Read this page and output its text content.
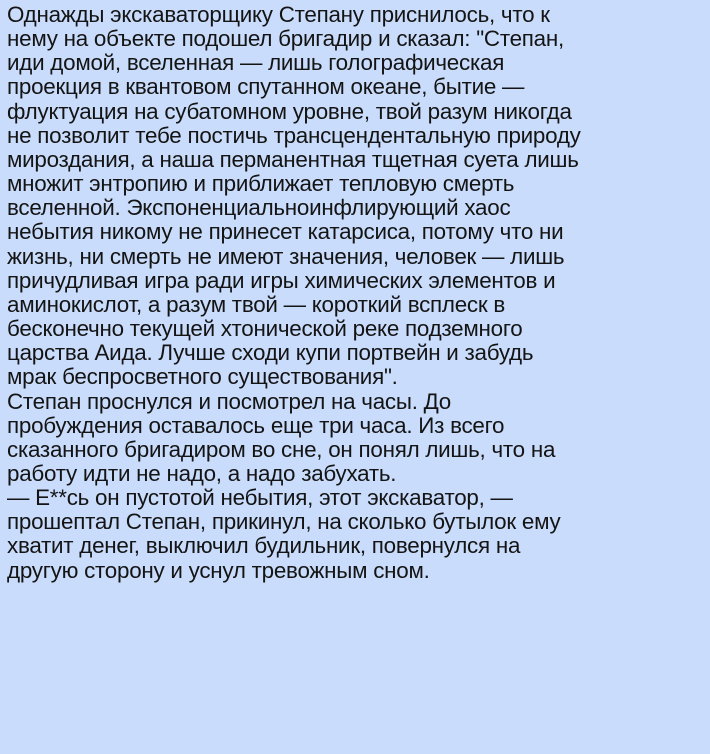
Однажды экскаваторщику Степану приснилось, что к
нему на объекте подошел бригадир и сказал: "Степан,
иди домой, вселенная — лишь голографическая
проекция в квантовом спутанном океане, бытие —
флуктуация на субатомном уровне, твой разум никогда
не позволит тебе постичь трансцендентальную природу
мироздания, а наша перманентная тщетная суета лишь
множит энтропию и приближает тепловую смерть
вселенной. Экспоненциальноинфлирующий хаос
небытия никому не принесет катарсиса, потому что ни
жизнь, ни смерть не имеют значения, человек — лишь
причудливая игра ради игры химических элементов и
аминокислот, а разум твой — короткий всплеск в
бесконечно текущей хтонической реке подземного
царства Аида. Лучше сходи купи портвейн и забудь
мрак беспросветного существования".
Степан проснулся и посмотрел на часы. До
пробуждения оставалось еще три часа. Из всего
сказанного бригадиром во сне, он понял лишь, что на
работу идти не надо, а надо забухать.
— Е**сь он пустотой небытия, этот экскаватор, —
прошептал Степан, прикинул, на сколько бутылок ему
хватит денег, выключил будильник, повернулся на
другую сторону и уснул тревожным сном.
